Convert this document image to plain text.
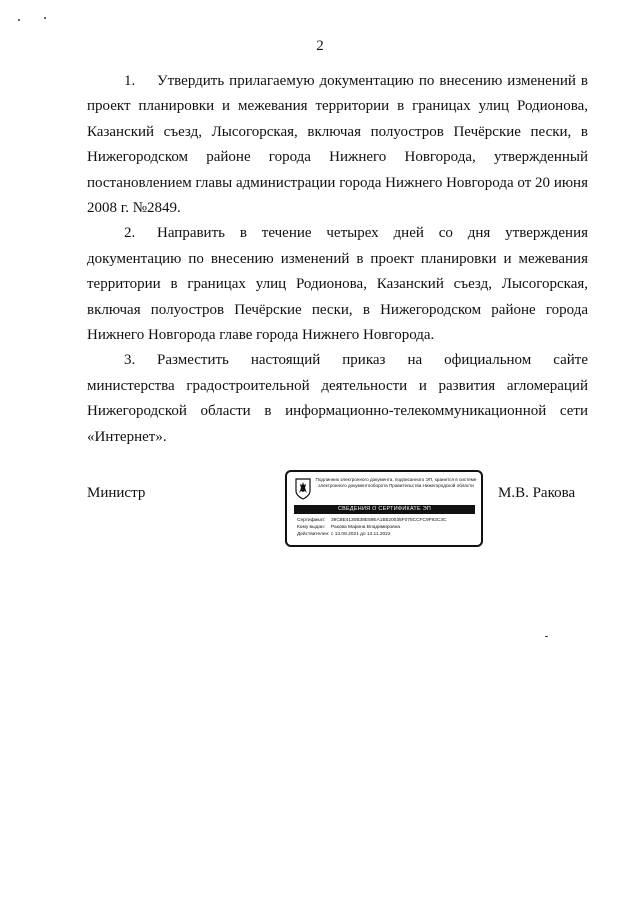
2

1. Утвердить прилагаемую документацию по внесению изменений в проект планировки и межевания территории в границах улиц Родионова, Казанский съезд, Лысогорская, включая полуостров Печёрские пески, в Нижегородском районе города Нижнего Новгорода, утвержденный постановлением главы администрации города Нижнего Новгорода от 20 июня 2008 г. №2849.

2. Направить в течение четырех дней со дня утверждения документацию по внесению изменений в проект планировки и межевания территории в границах улиц Родионова, Казанский съезд, Лысогорская, включая полуостров Печёрские пески, в Нижегородском районе города Нижнего Новгорода главе города Нижнего Новгорода.

3. Разместить настоящий приказ на официальном сайте министерства градостроительной деятельности и развития агломераций Нижегородской области в информационно-телекоммуникационной сети «Интернет».

Министр
Подлинник электронного документа, подписанного ЭП, хранится в системе электронного документооборота Правительства Нижегородской области
СВЕДЕНИЯ О СЕРТИФИКАТЕ ЭП
Сертификат: 39C8E4130B38E59EA1B520035F075CCFC9F92C3C
Кому выдан: Ракова Марина Владимировна
Действителен:с 13.08.2021 до 13.11.2022
М.В. Ракова
